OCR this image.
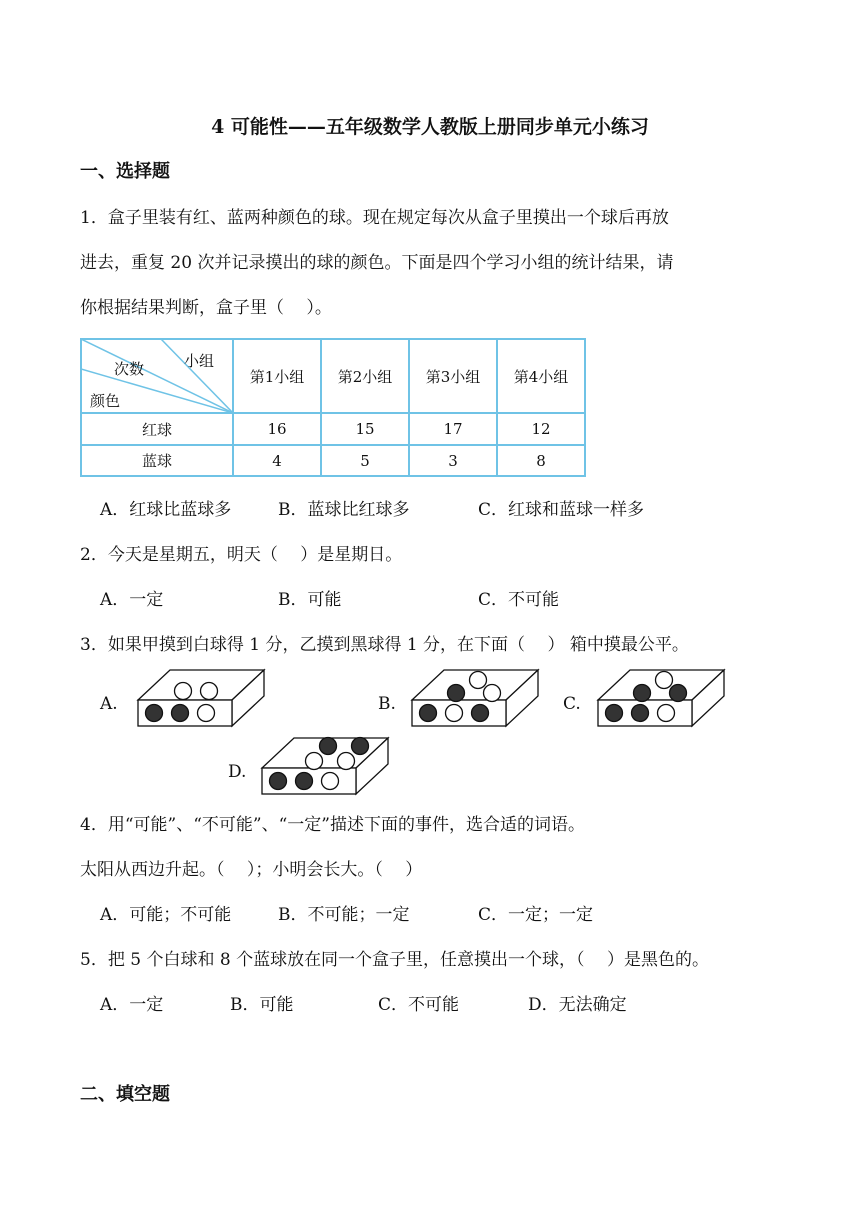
4 可能性——五年级数学人教版上册同步单元小练习
一、选择题
1．盒子里装有红、蓝两种颜色的球。现在规定每次从盒子里摸出一个球后再放
进去，重复 20 次并记录摸出的球的颜色。下面是四个学习小组的统计结果，请
你根据结果判断，盒子里（　 ）。
小组
次数
颜色	第1小组	第2小组	第3小组	第4小组
红球	16	15	17	12
蓝球	4	5	3	8
A．红球比蓝球多	B．蓝球比红球多	C．红球和蓝球一样多
2．今天是星期五，明天（　 ）是星期日。
A．一定	B．可能	C．不可能
3．如果甲摸到白球得 1 分，乙摸到黑球得 1 分，在下面（　 ） 箱中摸最公平。
A.	B.	C.
D.
4．用“可能”、“不可能”、“一定”描述下面的事件，选合适的词语。
太阳从西边升起。（　 ）；小明会长大。（　 ）
A．可能；不可能	B．不可能；一定	C．一定；一定
5．把 5 个白球和 8 个蓝球放在同一个盒子里，任意摸出一个球，（　 ）是黑色的。
A．一定	B．可能	C．不可能	D．无法确定
二、填空题
